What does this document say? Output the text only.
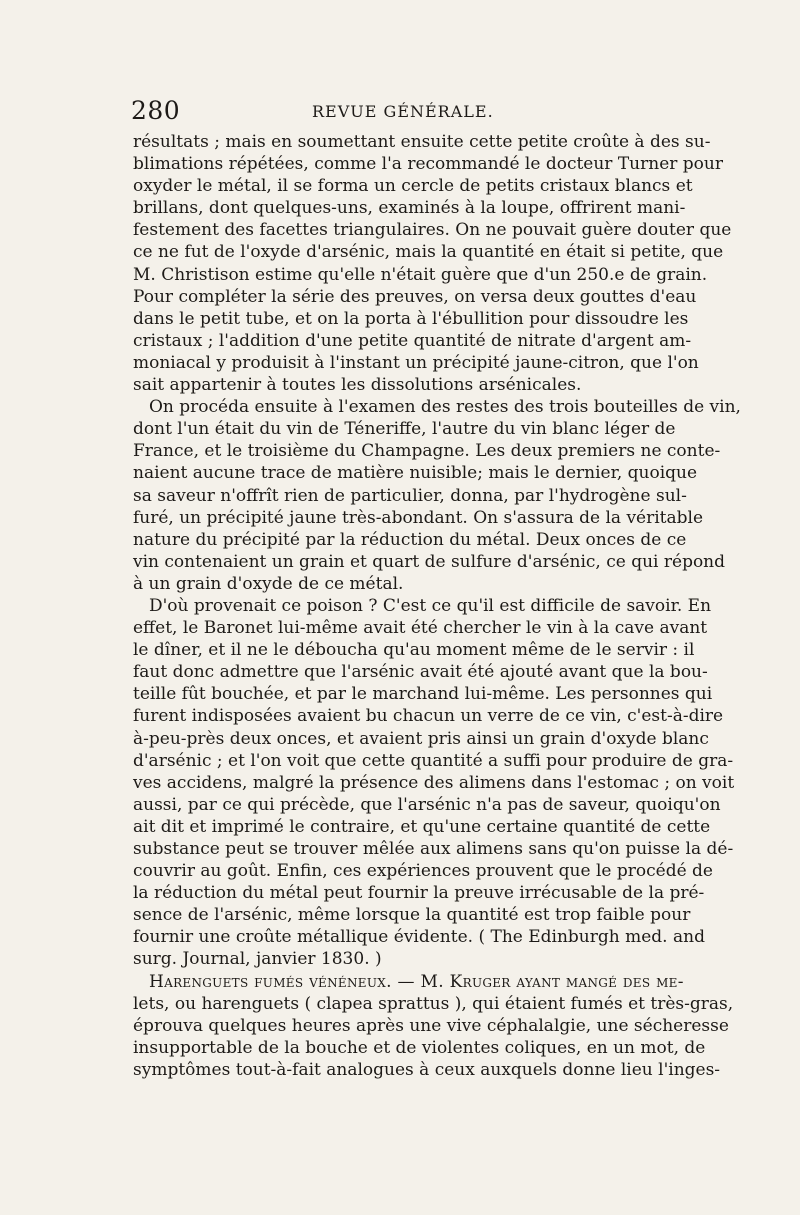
280	REVUE GÉNÉRALE.
résultats ; mais en soumettant ensuite cette petite croûte à des su-
blimations répétées, comme l'a recommandé le docteur Turner pour
oxyder le métal, il se forma un cercle de petits cristaux blancs et
brillans, dont quelques-uns, examinés à la loupe, offrirent mani-
festement des facettes triangulaires. On ne pouvait guère douter que
ce ne fut de l'oxyde d'arsénic, mais la quantité en était si petite, que
M. Christison estime qu'elle n'était guère que d'un 250.e de grain.
Pour compléter la série des preuves, on versa deux gouttes d'eau
dans le petit tube, et on la porta à l'ébullition pour dissoudre les
cristaux ; l'addition d'une petite quantité de nitrate d'argent am-
moniacal y produisit à l'instant un précipité jaune-citron, que l'on
sait appartenir à toutes les dissolutions arsénicales.
On procéda ensuite à l'examen des restes des trois bouteilles de vin,
dont l'un était du vin de Téneriffe, l'autre du vin blanc léger de
France, et le troisième du Champagne. Les deux premiers ne conte-
naient aucune trace de matière nuisible; mais le dernier, quoique
sa saveur n'offrît rien de particulier, donna, par l'hydrogène sul-
furé, un précipité jaune très-abondant. On s'assura de la véritable
nature du précipité par la réduction du métal. Deux onces de ce
vin contenaient un grain et quart de sulfure d'arsénic, ce qui répond
à un grain d'oxyde de ce métal.
D'où provenait ce poison ? C'est ce qu'il est difficile de savoir. En
effet, le Baronet lui-même avait été chercher le vin à la cave avant
le dîner, et il ne le déboucha qu'au moment même de le servir : il
faut donc admettre que l'arsénic avait été ajouté avant que la bou-
teille fût bouchée, et par le marchand lui-même. Les personnes qui
furent indisposées avaient bu chacun un verre de ce vin, c'est-à-dire
à-peu-près deux onces, et avaient pris ainsi un grain d'oxyde blanc
d'arsénic ; et l'on voit que cette quantité a suffi pour produire de gra-
ves accidens, malgré la présence des alimens dans l'estomac ; on voit
aussi, par ce qui précède, que l'arsénic n'a pas de saveur, quoiqu'on
ait dit et imprimé le contraire, et qu'une certaine quantité de cette
substance peut se trouver mêlée aux alimens sans qu'on puisse la dé-
couvrir au goût. Enfin, ces expériences prouvent que le procédé de
la réduction du métal peut fournir la preuve irrécusable de la pré-
sence de l'arsénic, même lorsque la quantité est trop faible pour
fournir une croûte métallique évidente. ( The Edinburgh med. and
surg. Journal, janvier 1830. )
Harenguets fumés vénéneux. — M. Kruger ayant mangé des me-
lets, ou harenguets ( clapea sprattus ), qui étaient fumés et très-gras,
éprouva quelques heures après une vive céphalalgie, une sécheresse
insupportable de la bouche et de violentes coliques, en un mot, de
symptômes tout-à-fait analogues à ceux auxquels donne lieu l'inges-
